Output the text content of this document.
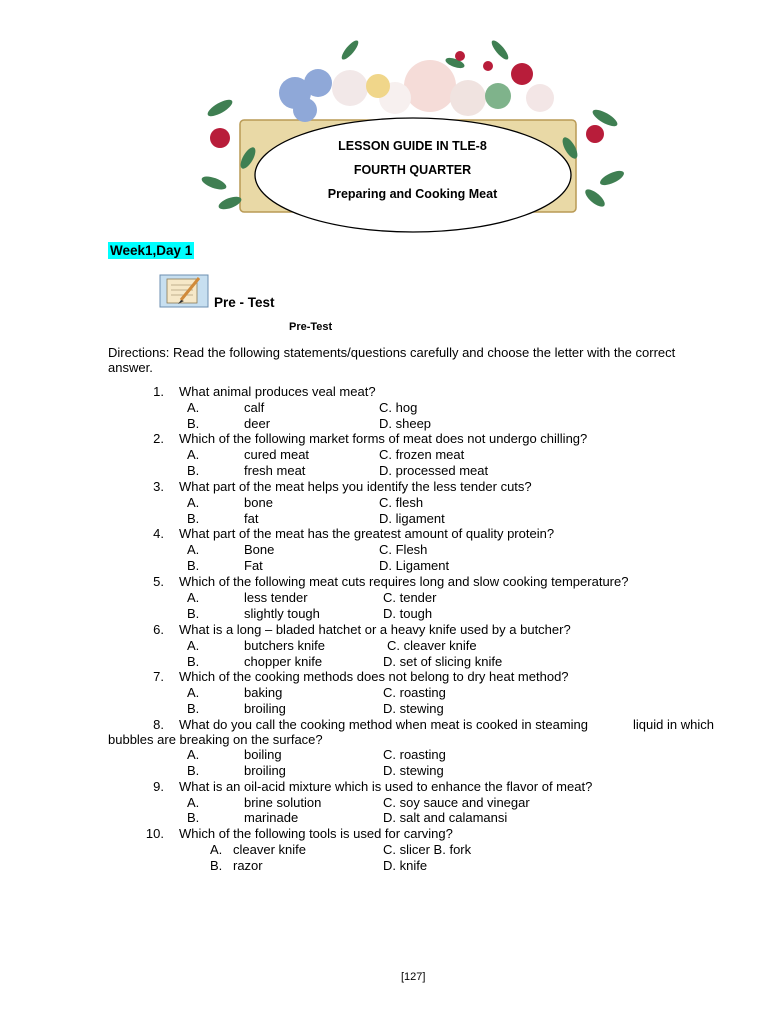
LESSON GUIDE IN TLE-8
FOURTH QUARTER
Preparing and Cooking Meat
Week1,Day 1
Pre - Test
Pre-Test
Directions: Read the following statements/questions carefully and choose the letter with the correct answer.
1. What animal produces veal meat?
A.	calf	C. hog
B.	deer	D. sheep
2. Which of the following market forms of meat does not undergo chilling?
A.	cured meat	C. frozen meat
B.	fresh meat	D. processed meat
3. What part of the meat helps you identify the less tender cuts?
A.	bone	C. flesh
B.	fat	D. ligament
4. What part of the meat has the greatest amount of quality protein?
A.	Bone	C. Flesh
B.	Fat	D. Ligament
5. Which of the following meat cuts requires long and slow cooking temperature?
A.	less tender	C. tender
B.	slightly tough	D. tough
6. What is a long – bladed hatchet or a heavy knife used by a butcher?
A.	butchers knife	C. cleaver knife
B.	chopper knife	D. set of slicing knife
7. Which of the cooking methods does not belong to dry heat method?
A.	baking	C. roasting
B.	broiling	D. stewing
8. What do you call the cooking method when meat is cooked in steaming	liquid in which
bubbles are breaking on the surface?
A.	boiling	C. roasting
B.	broiling	D. stewing
9. What is an oil-acid mixture which is used to enhance the flavor of meat?
A.	brine solution	C. soy sauce and vinegar
B.	marinade	D. salt and calamansi
10. Which of the following tools is used for carving?
A. cleaver knife	C. slicer B. fork
B. razor	D. knife
[127]
